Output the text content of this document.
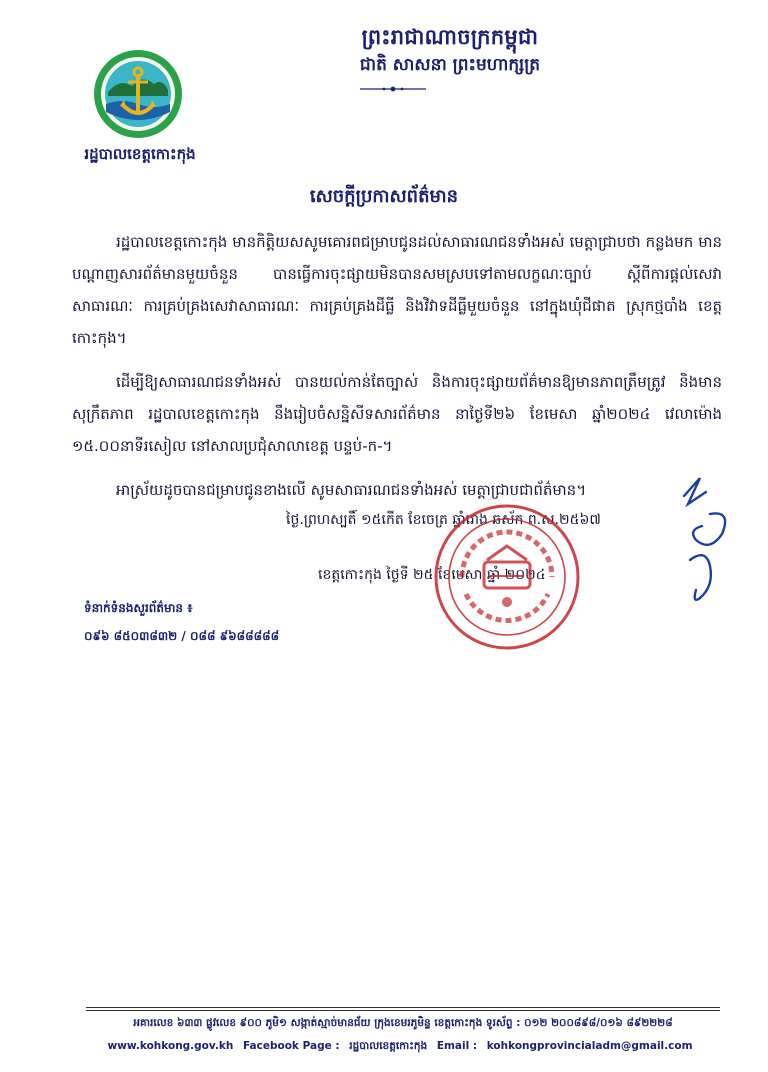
ព្រះរាជាណាចក្រកម្ពុជា
ជាតិ សាសនា ព្រះមហាក្សត្រ
រដ្ឋបាលខេត្តកោះកុង
សេចក្តីប្រកាសព័ត៌មាន

រដ្ឋបាលខេត្តកោះកុង មានកិត្តិយសសូមគោរពជម្រាបជូនដល់សាធារណជនទាំងអស់ មេត្តាជ្រាបថា កន្លងមក មានបណ្តាញសារព័ត៌មានមួយចំនួន បានធ្វើការចុះផ្សាយមិនបានសមស្របទៅតាមលក្ខណៈច្បាប់ ស្តីពីការផ្តល់សេវាសាធារណៈ ការគ្រប់គ្រងសេវាសាធារណៈ ការគ្រប់គ្រងដីធ្លី និងវិវាទដីធ្លីមួយចំនួន នៅក្នុងឃុំជីផាត ស្រុកថ្មបាំង ខេត្តកោះកុង។

ដើម្បីឱ្យសាធារណជនទាំងអស់ បានយល់កាន់តែច្បាស់ និងការចុះផ្សាយព័ត៌មានឱ្យមានភាពត្រឹមត្រូវ និងមានសុក្រឹតភាព រដ្ឋបាលខេត្តកោះកុង នឹងរៀបចំសន្និសីទសារព័ត៌មាន នាថ្ងៃទី២៦ ខែមេសា ឆ្នាំ២០២៤ វេលាម៉ោង ១៥.០០នាទីរសៀល នៅសាលប្រជុំសាលាខេត្ត បន្ទប់-ក-។

អាស្រ័យដូចបានជម្រាបជូនខាងលើ សូមសាធារណជនទាំងអស់ មេត្តាជ្រាបជាព័ត៌មាន។

ថ្ងៃ.ព្រហស្បតិ៍ ១៥កើត ខែចេត្រ ឆ្នាំរោង ឆស័ក ព.ស.២៥៦៧
ខេត្តកោះកុង ថ្ងៃទី ២៥ ខែមេសា ឆ្នាំ ២០២៤
ទំនាក់ទំនងសួរព័ត៌មាន ៖
០៩៦ ៨៥០៣៨៣២ / ០៨៨ ៩៦៨៨៨៨៨
អគារលេខ ៦៣៣ ផ្លូវលេខ ៩០០ ភូមិ១ សង្កាត់ស្មាច់មានជ័យ ក្រុងខេមរភូមិន្ទ ខេត្តកោះកុង ទូរស័ព្ទ : ០១២ ២០០៨៩៨/០១៦ ៨៩២២២៨
www.kohkong.gov.kh Facebook Page : រដ្ឋបាលខេត្តកោះកុង Email : kohkongprovincialadm@gmail.com
